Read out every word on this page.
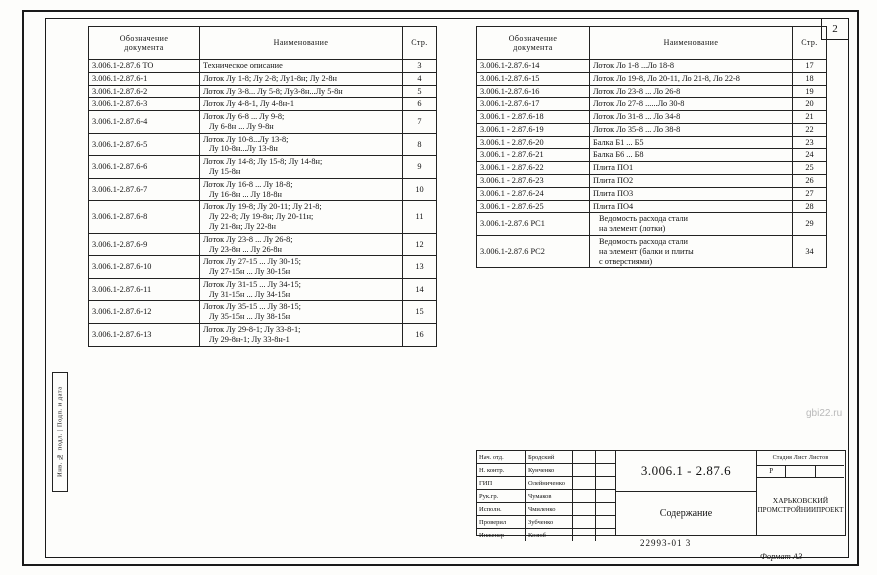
2
Обозначение
документа	Наименование	Стр.
3.006.1-2.87.6 ТО	Техническое описание	3
3.006.1-2.87.6-1	Лоток Лу 1-8; Лу 2-8; Лу1-8н; Лу 2-8н	4
3.006.1-2.87.6-2	Лоток Лу 3-8... Лу 5-8; Лу3-8н...Лу 5-8н	5
3.006.1-2.87.6-3	Лоток Лу 4-8-1, Лу 4-8н-1	6
3.006.1-2.87.6-4	Лоток Лу 6-8 ... Лу 9-8;
Лу 6-8н ... Лу 9-8н	7
3.006.1-2.87.6-5	Лоток Лу 10-8...Лу 13-8;
Лу 10-8н...Лу 13-8н	8
3.006.1-2.87.6-6	Лоток Лу 14-8; Лу 15-8; Лу 14-8н;
Лу 15-8н	9
3.006.1-2.87.6-7	Лоток Лу 16-8 ... Лу 18-8;
Лу 16-8н ... Лу 18-8н	10
3.006.1-2.87.6-8	Лоток Лу 19-8; Лу 20-11; Лу 21-8;
Лу 22-8; Лу 19-8н; Лу 20-11н;
Лу 21-8н; Лу 22-8н	11
3.006.1-2.87.6-9	Лоток Лу 23-8 ... Лу 26-8;
Лу 23-8н ... Лу 26-8н	12
3.006.1-2.87.6-10	Лоток Лу 27-15 ... Лу 30-15;
Лу 27-15н ... Лу 30-15н	13
3.006.1-2.87.6-11	Лоток Лу 31-15 ... Лу 34-15;
Лу 31-15н ... Лу 34-15н	14
3.006.1-2.87.6-12	Лоток Лу 35-15 ... Лу 38-15;
Лу 35-15н ... Лу 38-15н	15
3.006.1-2.87.6-13	Лоток Лу 29-8-1; Лу 33-8-1;
Лу 29-8н-1; Лу 33-8н-1	16
Обозначение
документа	Наименование	Стр.
3.006.1-2.87.6-14	Лоток Ло 1-8 ...Ло 18-8	17
3.006.1-2.87.6-15	Лоток Ло 19-8, Ло 20-11, Ло 21-8, Ло 22-8	18
3.006.1-2.87.6-16	Лоток Ло 23-8 ... Ло 26-8	19
3.006.1-2.87.6-17	Лоток Ло 27-8 ......Ло 30-8	20
3.006.1 - 2.87.6-18	Лоток Ло 31-8 ... Ло 34-8	21
3.006.1 - 2.87.6-19	Лоток Ло 35-8 ... Ло 38-8	22
3.006.1 - 2.87.6-20	Балка Б1 ... Б5	23
3.006.1 - 2.87.6-21	Балка Б6 ... Б8	24
3.006.1 - 2.87.6-22	Плита ПО1	25
3.006.1 - 2.87.6-23	Плита ПО2	26
3.006.1 - 2.87.6-24	Плита ПО3	27
3.006.1 - 2.87.6-25	Плита ПО4	28
3.006.1-2.87.6 РС1	Ведомость расхода стали
на элемент (лотки)	29
3.006.1-2.87.6 РС2	Ведомость расхода стали
на элемент (балки и плиты
с отверстиями)	34
Инв. № подл. | Подп. и дата	gbi22.ru
Нач. отд.	Бродский
Н. контр.	Кунченко
ГИП	Олейниченко
Рук.гр.	Чумаков
Исполн.	Чмиленко
Проверил	Зубченко
Инженер	Козюб
3.006.1 - 2.87.6
Содержание
Стадия Лист Листов
Р
ХАРЬКОВСКИЙ
ПРОМСТРОЙНИИПРОЕКТ
22993-01 3
Формат А3
